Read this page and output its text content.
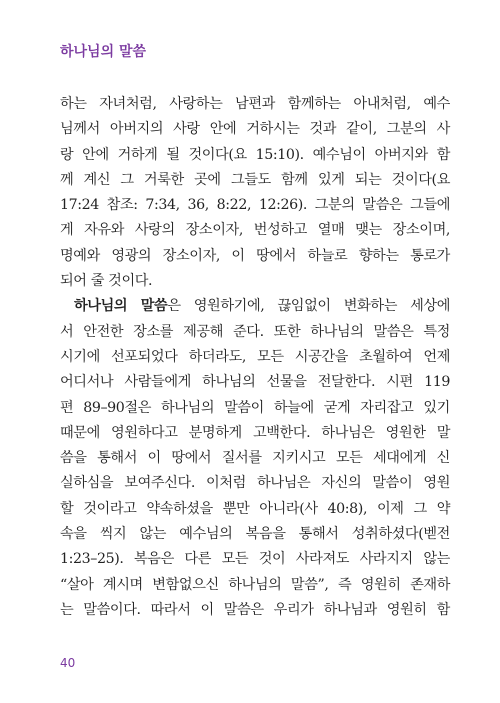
하나님의 말씀
하는 자녀처럼, 사랑하는 남편과 함께하는 아내처럼, 예수
님께서 아버지의 사랑 안에 거하시는 것과 같이, 그분의 사
랑 안에 거하게 될 것이다(요 15:10). 예수님이 아버지와 함
께 계신 그 거룩한 곳에 그들도 함께 있게 되는 것이다(요
17:24 참조: 7:34, 36, 8:22, 12:26). 그분의 말씀은 그들에
게 자유와 사랑의 장소이자, 번성하고 열매 맺는 장소이며,
명예와 영광의 장소이자, 이 땅에서 하늘로 향하는 통로가
되어 줄 것이다.
하나님의 말씀은 영원하기에, 끊임없이 변화하는 세상에
서 안전한 장소를 제공해 준다. 또한 하나님의 말씀은 특정
시기에 선포되었다 하더라도, 모든 시공간을 초월하여 언제
어디서나 사람들에게 하나님의 선물을 전달한다. 시편 119
편 89–90절은 하나님의 말씀이 하늘에 굳게 자리잡고 있기
때문에 영원하다고 분명하게 고백한다. 하나님은 영원한 말
씀을 통해서 이 땅에서 질서를 지키시고 모든 세대에게 신
실하심을 보여주신다. 이처럼 하나님은 자신의 말씀이 영원
할 것이라고 약속하셨을 뿐만 아니라(사 40:8), 이제 그 약
속을 씩지 않는 예수님의 복음을 통해서 성취하셨다(벧전
1:23–25). 복음은 다른 모든 것이 사라져도 사라지지 않는
“살아 계시며 변함없으신 하나님의 말씀”, 즉 영원히 존재하
는 말씀이다. 따라서 이 말씀은 우리가 하나님과 영원히 함
40
